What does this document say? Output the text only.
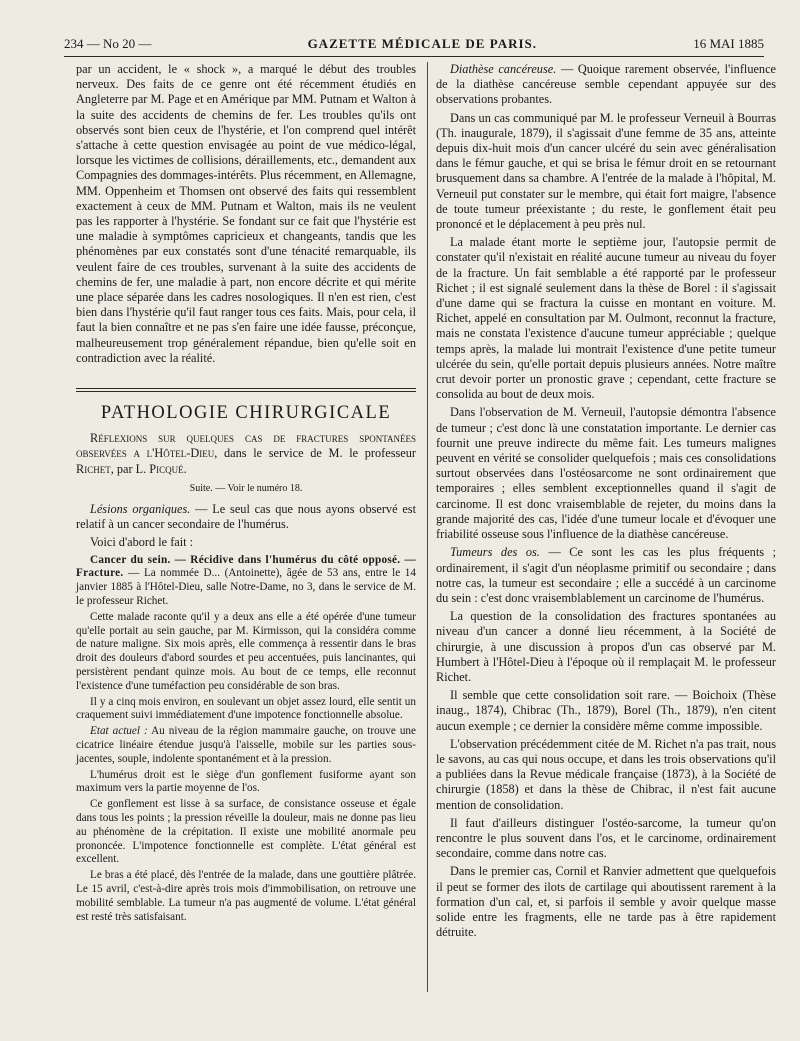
234 — No 20 —	GAZETTE MÉDICALE DE PARIS.	16 MAI 1885

par un accident, le « shock », a marqué le début des troubles nerveux. Des faits de ce genre ont été récemment étudiés en Angleterre par M. Page et en Amérique par MM. Putnam et Walton à la suite des accidents de chemins de fer. Les troubles qu'ils ont observés sont bien ceux de l'hystérie, et l'on comprend quel intérêt s'attache à cette question envisagée au point de vue médico-légal, lorsque les victimes de collisions, déraillements, etc., demandent aux Compagnies des dommages-intérêts. Plus récemment, en Allemagne, MM. Oppenheim et Thomsen ont observé des faits qui ressemblent exactement à ceux de MM. Putnam et Walton, mais ils ne veulent pas les rapporter à l'hystérie. Se fondant sur ce fait que l'hystérie est une maladie à symptômes capricieux et changeants, tandis que les phénomènes par eux constatés sont d'une ténacité remarquable, ils veulent faire de ces troubles, survenant à la suite des accidents de chemins de fer, une maladie à part, non encore décrite et qui mérite une place séparée dans les cadres nosologiques. Il n'en est rien, c'est bien dans l'hystérie qu'il faut ranger tous ces faits. Mais, pour cela, il faut la bien connaître et ne pas s'en faire une idée fausse, préconçue, malheureusement trop généralement répandue, bien qu'elle soit en contradiction avec la réalité.

PATHOLOGIE CHIRURGICALE

Réflexions sur quelques cas de fractures spontanées observées a l'Hôtel-Dieu, dans le service de M. le professeur Richet, par L. Picqué.

Suite. — Voir le numéro 18.

Lésions organiques. — Le seul cas que nous ayons observé est relatif à un cancer secondaire de l'humérus.

Voici d'abord le fait :

Cancer du sein. — Récidive dans l'humérus du côté opposé. — Fracture. — La nommée D... (Antoinette), âgée de 53 ans, entre le 14 janvier 1885 à l'Hôtel-Dieu, salle Notre-Dame, no 3, dans le service de M. le professeur Richet.

Cette malade raconte qu'il y a deux ans elle a été opérée d'une tumeur qu'elle portait au sein gauche, par M. Kirmisson, qui la considéra comme de nature maligne. Six mois après, elle commença à ressentir dans le bras droit des douleurs d'abord sourdes et peu accentuées, puis lancinantes, qui persistèrent pendant quinze mois. Au bout de ce temps, elle reconnut l'existence d'une tuméfaction peu considérable de son bras.

Il y a cinq mois environ, en soulevant un objet assez lourd, elle sentit un craquement suivi immédiatement d'une impotence fonctionnelle absolue.

Etat actuel : Au niveau de la région mammaire gauche, on trouve une cicatrice linéaire étendue jusqu'à l'aisselle, mobile sur les parties sous-jacentes, souple, indolente spontanément et à la pression.

L'humérus droit est le siège d'un gonflement fusiforme ayant son maximum vers la partie moyenne de l'os.

Ce gonflement est lisse à sa surface, de consistance osseuse et égale dans tous les points ; la pression réveille la douleur, mais ne donne pas lieu au phénomène de la crépitation. Il existe une mobilité anormale peu prononcée. L'impotence fonctionnelle est complète. L'état général est excellent.

Le bras a été placé, dès l'entrée de la malade, dans une gouttière plâtrée. Le 15 avril, c'est-à-dire après trois mois d'immobilisation, on retrouve une mobilité semblable. La tumeur n'a pas augmenté de volume. L'état général est resté très satisfaisant.

Diathèse cancéreuse. — Quoique rarement observée, l'influence de la diathèse cancéreuse semble cependant appuyée sur des observations probantes.

Dans un cas communiqué par M. le professeur Verneuil à Bourras (Th. inaugurale, 1879), il s'agissait d'une femme de 35 ans, atteinte depuis dix-huit mois d'un cancer ulcéré du sein avec généralisation dans le fémur gauche, et qui se brisa le fémur droit en se retournant brusquement dans sa chambre. A l'entrée de la malade à l'hôpital, M. Verneuil put constater sur le membre, qui était fort maigre, l'absence de toute tumeur préexistante ; du reste, le gonflement était peu prononcé et le déplacement à peu près nul.

La malade étant morte le septième jour, l'autopsie permit de constater qu'il n'existait en réalité aucune tumeur au niveau du foyer de la fracture. Un fait semblable a été rapporté par le professeur Richet ; il est signalé seulement dans la thèse de Borel : il s'agissait d'une dame qui se fractura la cuisse en montant en voiture. M. Richet, appelé en consultation par M. Oulmont, reconnut la fracture, mais ne constata l'existence d'aucune tumeur appréciable ; quelque temps après, la malade lui montrait l'existence d'une petite tumeur ulcérée du sein, qu'elle portait depuis plusieurs années. Notre maître crut devoir porter un pronostic grave ; cependant, cette fracture se consolida au bout de deux mois.

Dans l'observation de M. Verneuil, l'autopsie démontra l'absence de tumeur ; c'est donc là une constatation importante. Le dernier cas fournit une preuve indirecte du même fait. Les tumeurs malignes peuvent en vérité se consolider quelquefois ; mais ces consolidations surtout observées dans l'ostéosarcome ne sont ordinairement que temporaires ; elles semblent exceptionnelles quand il s'agit de carcinome. Il est donc vraisemblable de rejeter, du moins dans la grande majorité des cas, l'idée d'une tumeur locale et d'évoquer une friabilité osseuse sous l'influence de la diathèse cancéreuse.

Tumeurs des os. — Ce sont les cas les plus fréquents ; ordinairement, il s'agit d'un néoplasme primitif ou secondaire ; dans notre cas, la tumeur est secondaire ; elle a succédé à un carcinome du sein : c'est donc vraisemblablement un carcinome de l'humérus.

La question de la consolidation des fractures spontanées au niveau d'un cancer a donné lieu récemment, à la Société de chirurgie, à une discussion à propos d'un cas observé par M. Humbert à l'Hôtel-Dieu à l'époque où il remplaçait M. le professeur Richet.

Il semble que cette consolidation soit rare. — Boichoix (Thèse inaug., 1874), Chibrac (Th., 1879), Borel (Th., 1879), n'en citent aucun exemple ; ce dernier la considère même comme impossible.

L'observation précédemment citée de M. Richet n'a pas trait, nous le savons, au cas qui nous occupe, et dans les trois observations qu'il a publiées dans la Revue médicale française (1873), à la Société de chirurgie (1858) et dans la thèse de Chibrac, il n'est fait aucune mention de consolidation.

Il faut d'ailleurs distinguer l'ostéo-sarcome, la tumeur qu'on rencontre le plus souvent dans l'os, et le carcinome, ordinairement secondaire, comme dans notre cas.

Dans le premier cas, Cornil et Ranvier admettent que quelquefois il peut se former des ilots de cartilage qui aboutissent rarement à la formation d'un cal, et, si parfois il semble y avoir quelque masse solide entre les fragments, elle ne tarde pas à être rapidement détruite.
